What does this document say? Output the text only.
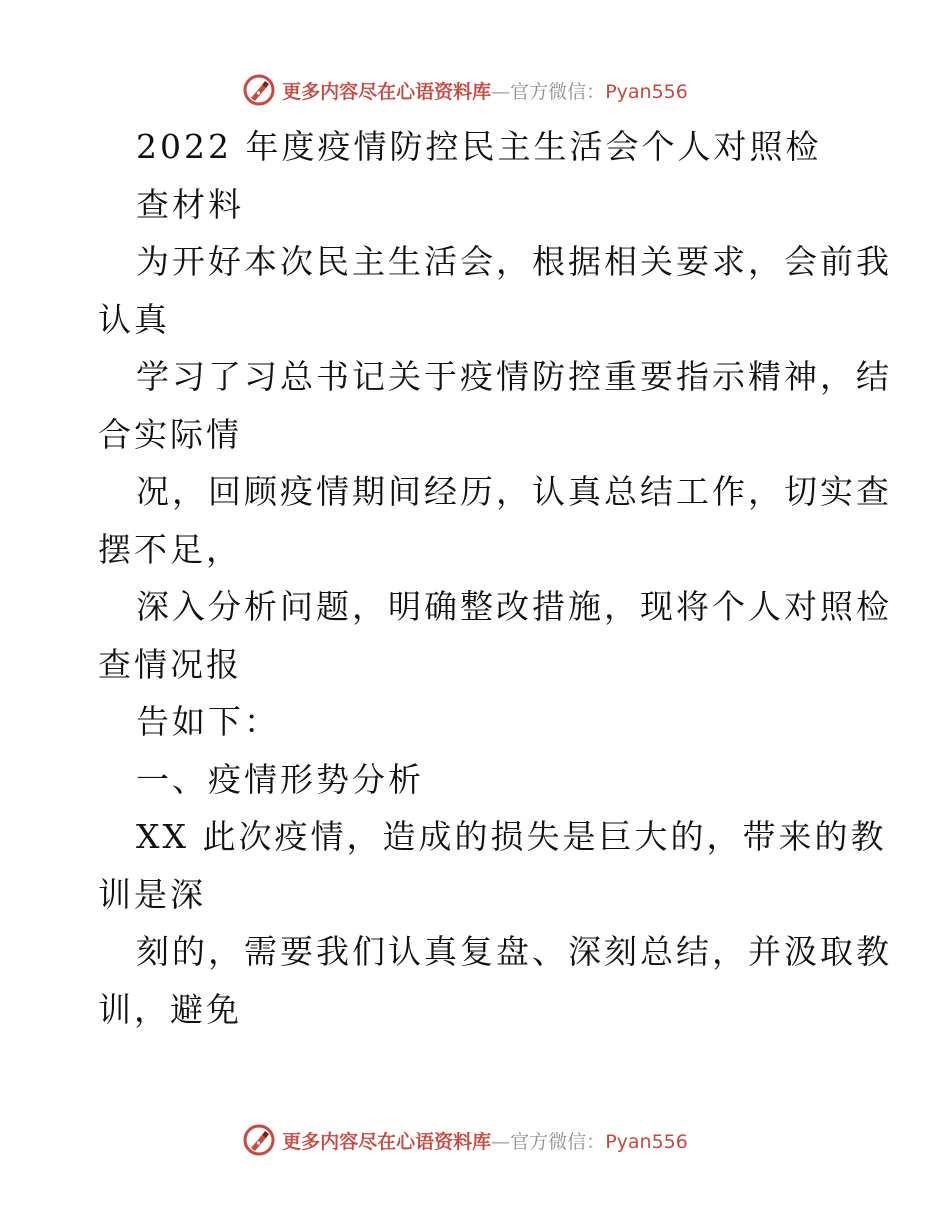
更多内容尽在心语资料库—官方微信：Pyan556
2022 年度疫情防控民主生活会个人对照检
查材料
为开好本次民主生活会，根据相关要求，会前我
认真
学习了习总书记关于疫情防控重要指示精神，结
合实际情
况，回顾疫情期间经历，认真总结工作，切实查
摆不足，
深入分析问题，明确整改措施，现将个人对照检
查情况报
告如下：
一、疫情形势分析
XX 此次疫情，造成的损失是巨大的，带来的教
训是深
刻的，需要我们认真复盘、深刻总结，并汲取教
训，避免
更多内容尽在心语资料库—官方微信：Pyan556
